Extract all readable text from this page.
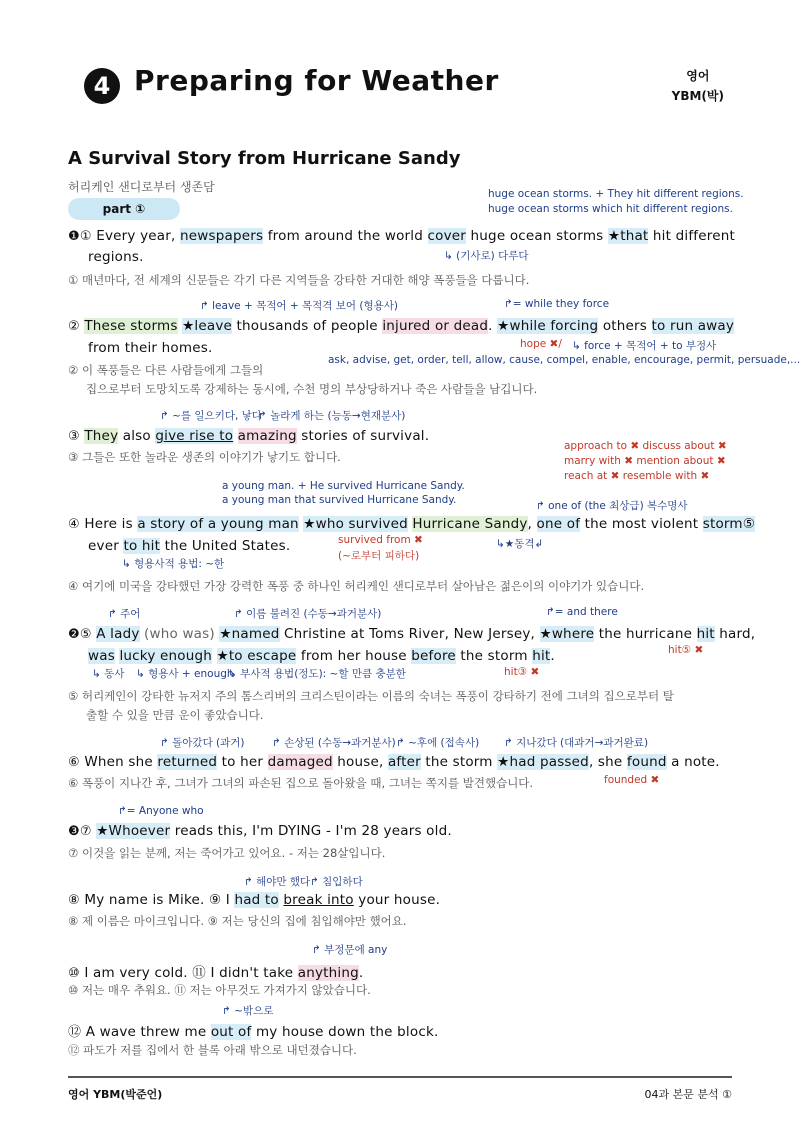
4 Preparing for Weather	영어
YBM(박)
A Survival Story from Hurricane Sandy
허리케인 샌디로부터 생존담
part ①
huge ocean storms. + They hit different regions.
huge ocean storms which hit different regions.
❶① Every year, newspapers from around the world cover huge ocean storms ★that hit different
↳ (기사로) 다루다
regions.
① 매년마다, 전 세계의 신문들은 각기 다른 지역들을 강타한 거대한 해양 폭풍들을 다룹니다.
↱ leave + 목적어 + 목적격 보어 (형용사)	↱= while they force
② These storms ★leave thousands of people injured or dead. ★while forcing others to run away
from their homes.	hope ✖/ ↳ force + 목적어 + to 부정사
ask, advise, get, order, tell, allow, cause, compel, enable, encourage, permit, persuade,...
② 이 폭풍들은 다른 사람들에게 그들의
집으로부터 도망치도록 강제하는 동시에, 수천 명의 부상당하거나 죽은 사람들을 남깁니다.
↱ ~를 일으키다, 낳다
↱ 놀라게 하는 (능동→현재분사)
③ They also give rise to amazing stories of survival.
approach to ✖ discuss about ✖
marry with ✖ mention about ✖
reach at ✖ resemble with ✖
③ 그들은 또한 놀라운 생존의 이야기가 낳기도 합니다.
a young man. + He survived Hurricane Sandy.
a young man that survived Hurricane Sandy.	↱ one of (the 최상급) 복수명사
④ Here is a story of a young man ★who survived Hurricane Sandy, one of the most violent storm⑤
ever to hit the United States.	survived from ✖
(~로부터 피하다)
↳★동격↲
↳ 형용사적 용법: ~한
④ 여기에 미국을 강타했던 가장 강력한 폭풍 중 하나인 허리케인 샌디로부터 살아남은 젊은이의 이야기가 있습니다.
↱ 주어	↱ 이름 불려진 (수동→과거분사)	↱= and there
❷⑤ A lady (who was) ★named Christine at Toms River, New Jersey, ★where the hurricane hit hard,
hit⑤ ✖
was lucky enough ★to escape from her house before the storm hit.
↳ 동사 ↳ 형용사 + enough
↳ 부사적 용법(정도): ~할 만큼 충분한	hit③ ✖
⑤ 허리케인이 강타한 뉴저지 주의 톰스리버의 크리스틴이라는 이름의 숙녀는 폭풍이 강타하기 전에 그녀의 집으로부터 탈
출할 수 있을 만큼 운이 좋았습니다.
↱ 돌아갔다 (과거)	↱ 손상된 (수동→과거분사) ↱ ~후에 (접속사) ↱ 지나갔다 (대과거→과거완료)
⑥ When she returned to her damaged house, after the storm ★had passed, she found a note.
⑥ 폭풍이 지나간 후, 그녀가 그녀의 파손된 집으로 돌아왔을 때, 그녀는 쪽지를 발견했습니다.	founded ✖
↱= Anyone who
❸⑦ ★Whoever reads this, I'm DYING - I'm 28 years old.
⑦ 이것을 읽는 분께, 저는 죽어가고 있어요. - 저는 28살입니다.
↱ 해야만 했다 ↱ 침입하다
⑧ My name is Mike. ⑨ I had to break into your house.
⑧ 제 이름은 마이크입니다. ⑨ 저는 당신의 집에 침입해야만 했어요.
↱ 부정문에 any
⑩ I am very cold. ⑪ I didn't take anything.
⑩ 저는 매우 추워요. ⑪ 저는 아무것도 가져가지 않았습니다.
↱ ~밖으로
⑫ A wave threw me out of my house down the block.
⑫ 파도가 저를 집에서 한 블록 아래 밖으로 내던졌습니다.
영어 YBM(박준언)	04과 본문 분석 ①
